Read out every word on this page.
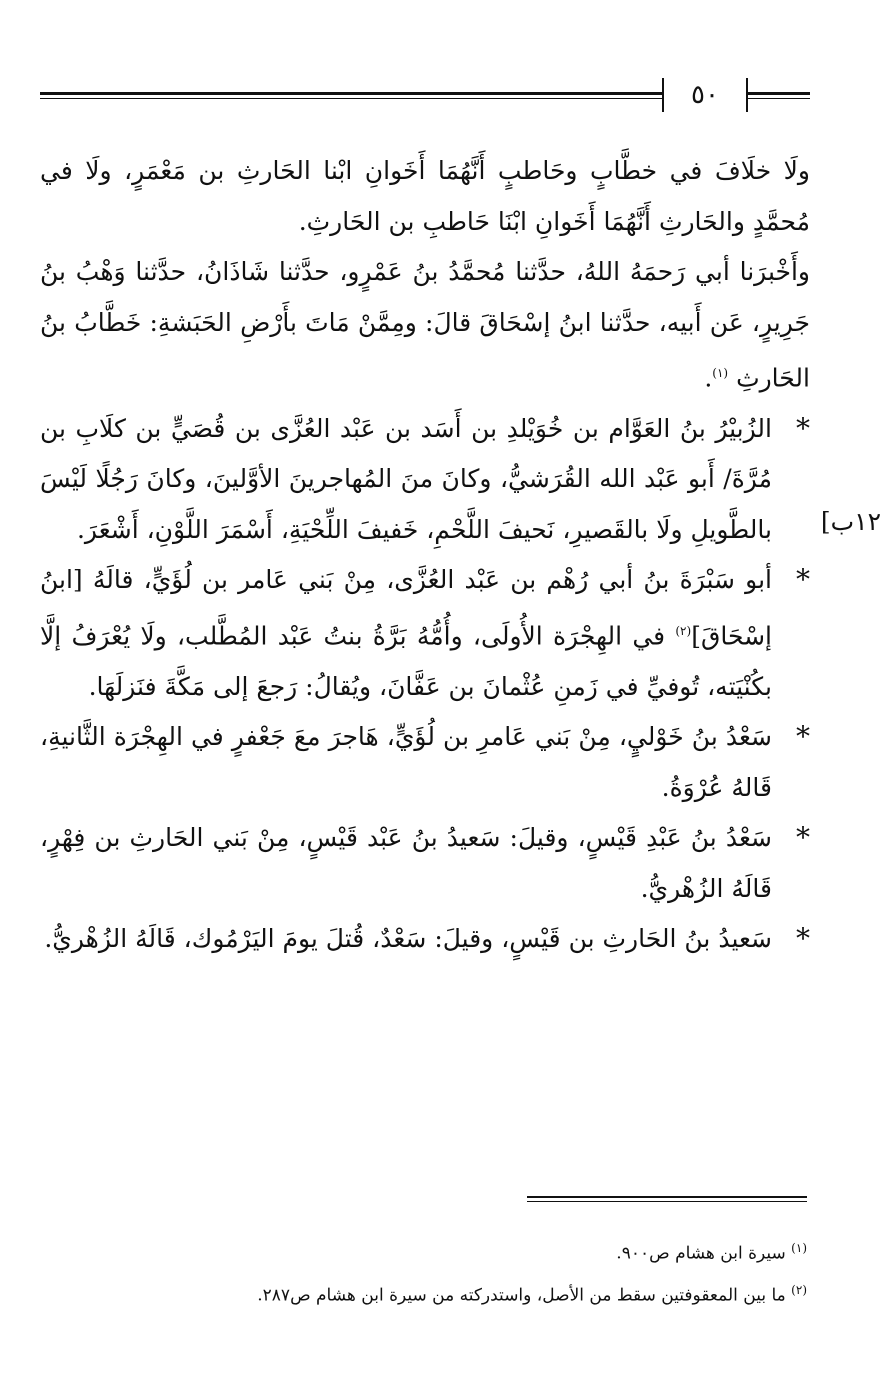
٥٠
١٢ب]

ولَا خلَافَ في خطَّابٍ وحَاطبٍ أَنَّهُمَا أَخَوانِ ابْنا الحَارثِ بن مَعْمَرٍ، ولَا في مُحمَّدٍ والحَارثِ أَنَّهُمَا أَخَوانِ ابْنَا حَاطبِ بن الحَارثِ.

وأَخْبرَنا أبي رَحمَهُ اللهُ، حدَّثنا مُحمَّدُ بنُ عَمْرٍو، حدَّثنا شَاذَانُ، حدَّثنا وَهْبُ بنُ جَرِيرٍ، عَن أَبيه، حدَّثنا ابنُ إسْحَاقَ قالَ: ومِمَّنْ مَاتَ بأَرْضِ الحَبَشةِ: خَطَّابُ بنُ الحَارثِ $^{(١)}$.

*
الزُبيْرُ بنُ العَوَّام بن خُوَيْلدِ بن أَسَد بن عَبْد العُزَّى بن قُصَيٍّ بن كلَابِ بن مُرَّةَ/ أَبو عَبْد الله القُرَشيُّ، وكانَ منَ المُهاجرينَ الأوَّلينَ، وكانَ رَجُلًا لَيْسَ بالطَّويلِ ولَا بالقَصيرِ، نَحيفَ اللَّحْمِ، خَفيفَ اللِّحْيَةِ، أَسْمَرَ اللَّوْنِ، أَشْعَرَ.

*
أبو سَبْرَةَ بنُ أبي رُهْم بن عَبْد العُزَّى، مِنْ بَني عَامر بن لُؤَيٍّ، قالَهُ [ابنُ إسْحَاقَ]$^{(٢)}$ في الهِجْرَة الأُولَى، وأُمُّهُ بَرَّةُ بنتُ عَبْد المُطَّلب، ولَا يُعْرَفُ إلَّا بكُنْيَته، تُوفيِّ في زَمنِ عُثْمانَ بن عَفَّانَ، ويُقالُ: رَجعَ إلى مَكَّةَ فنَزلَهَا.

*
سَعْدُ بنُ خَوْليٍ، مِنْ بَني عَامرِ بن لُؤَيٍّ، هَاجرَ معَ جَعْفرٍ في الهِجْرَة الثَّانيةِ، قَالهُ عُرْوَةُ.

*
سَعْدُ بنُ عَبْدِ قَيْسٍ، وقيلَ: سَعيدُ بنُ عَبْد قَيْسٍ، مِنْ بَني الحَارثِ بن فِهْرٍ، قَالَهُ الزُهْريُّ.

*
سَعيدُ بنُ الحَارثِ بن قَيْسٍ، وقيلَ: سَعْدٌ، قُتلَ يومَ اليَرْمُوك، قَالَهُ الزُهْريُّ.

$^{(١)}$ سيرة ابن هشام ص٩٠٠.

$^{(٢)}$ ما بين المعقوفتين سقط من الأصل، واستدركته من سيرة ابن هشام ص٢٨٧.
